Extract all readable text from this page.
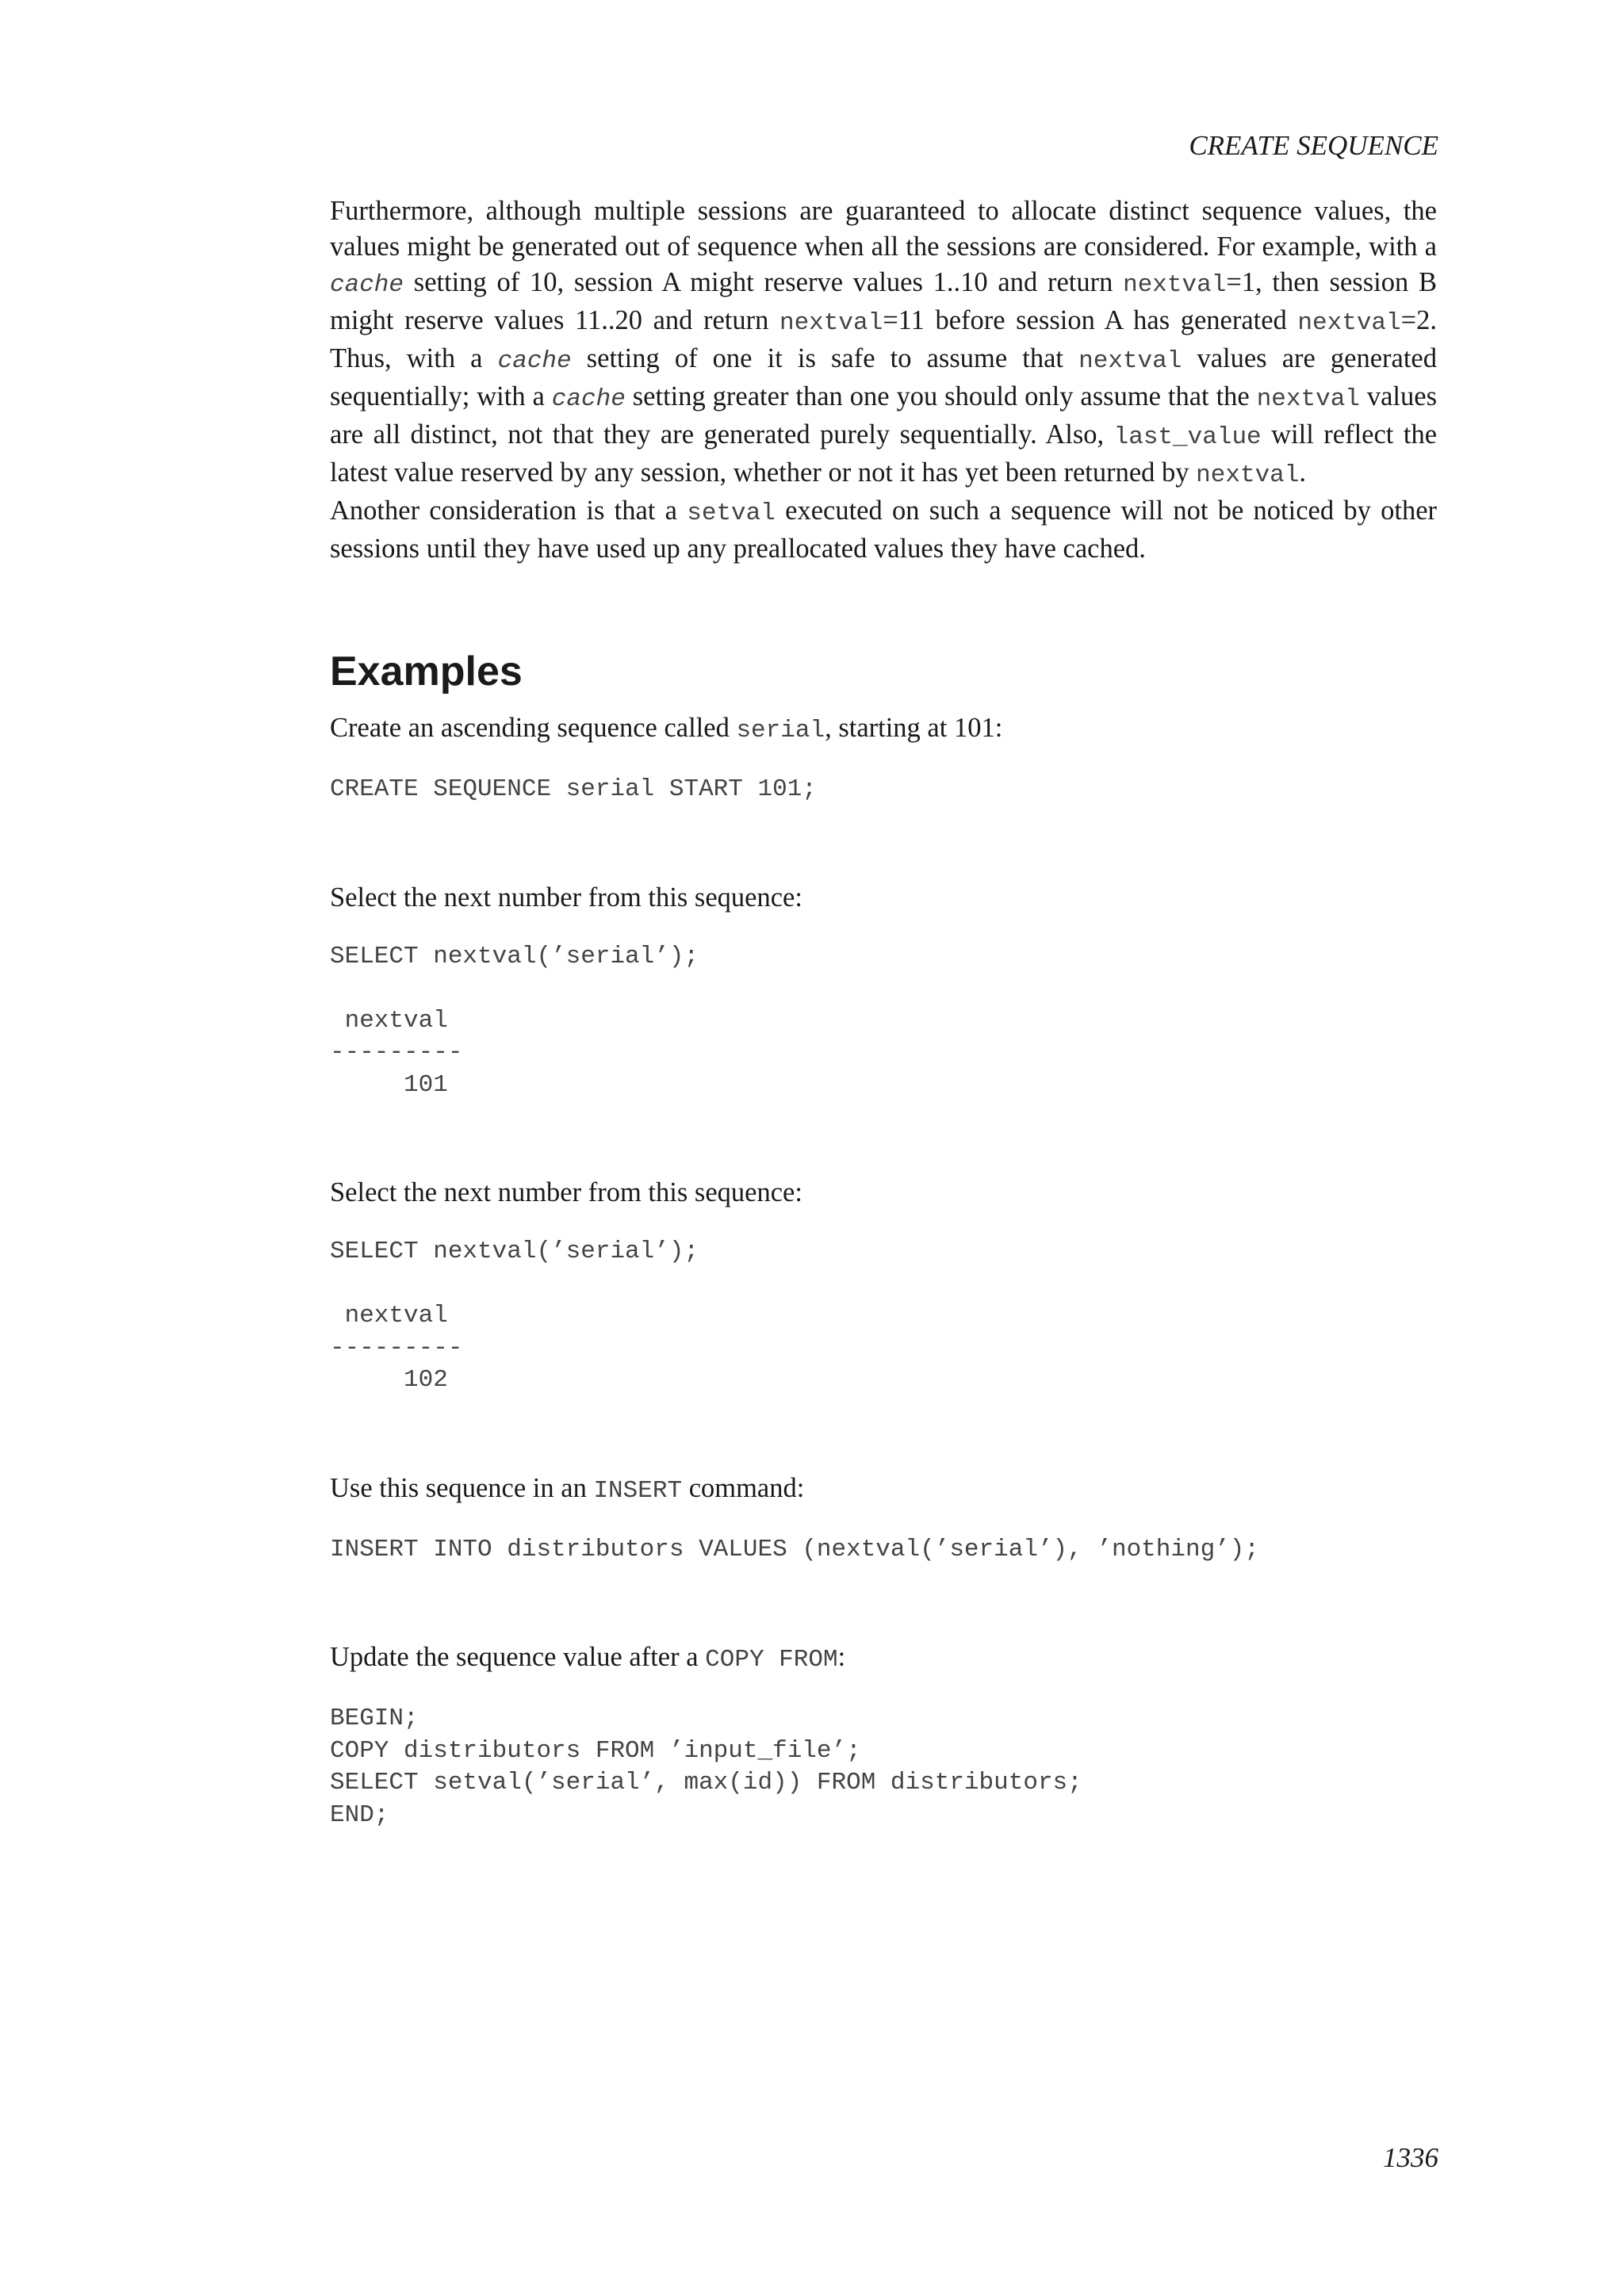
CREATE SEQUENCE

Furthermore, although multiple sessions are guaranteed to allocate distinct sequence values, the values might be generated out of sequence when all the sessions are considered. For example, with a cache setting of 10, session A might reserve values 1..10 and return nextval=1, then session B might reserve values 11..20 and return nextval=11 before session A has generated nextval=2. Thus, with a cache setting of one it is safe to assume that nextval values are generated sequentially; with a cache setting greater than one you should only assume that the nextval values are all distinct, not that they are generated purely sequentially. Also, last_value will reflect the latest value reserved by any session, whether or not it has yet been returned by nextval.

Another consideration is that a setval executed on such a sequence will not be noticed by other sessions until they have used up any preallocated values they have cached.

Examples

Create an ascending sequence called serial, starting at 101:

CREATE SEQUENCE serial START 101;

Select the next number from this sequence:

SELECT nextval(’serial’);

nextval
---------
101

Select the next number from this sequence:

SELECT nextval(’serial’);

nextval
---------
102

Use this sequence in an INSERT command:

INSERT INTO distributors VALUES (nextval(’serial’), ’nothing’);

Update the sequence value after a COPY FROM:

BEGIN;
COPY distributors FROM ’input_file’;
SELECT setval(’serial’, max(id)) FROM distributors;
END;
1336
